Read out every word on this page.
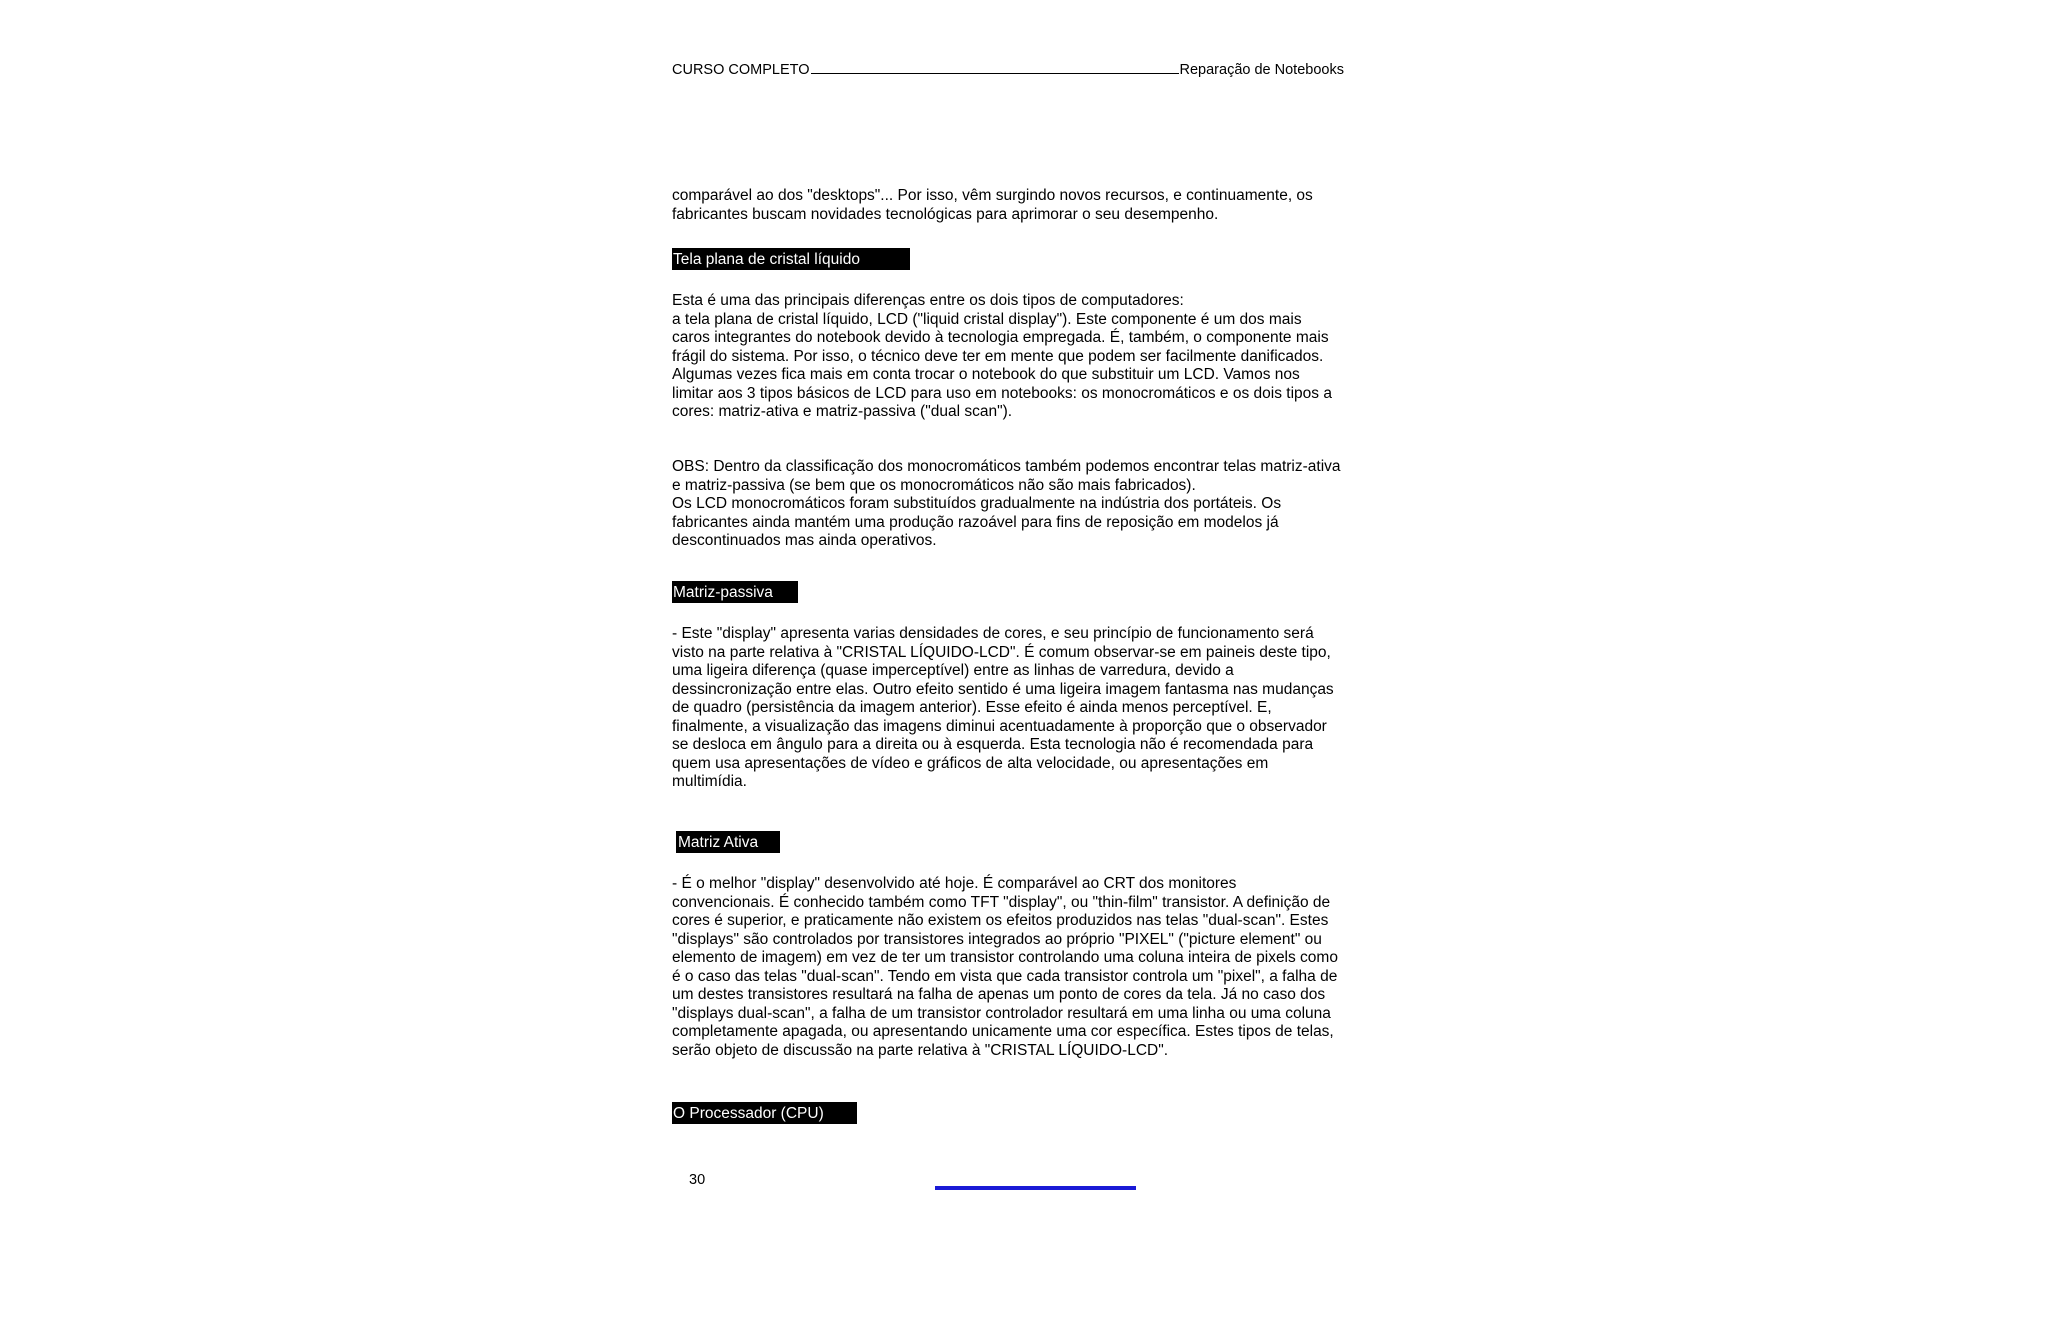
CURSO COMPLETO	Reparação de Notebooks

comparável ao dos "desktops"... Por isso, vêm surgindo novos recursos, e continuamente, os
fabricantes buscam novidades tecnológicas para aprimorar o seu desempenho.

Tela plana de cristal líquido

Esta é uma das principais diferenças entre os dois tipos de computadores:
a tela plana de cristal líquido, LCD ("liquid cristal display"). Este componente é um dos mais
caros integrantes do notebook devido à tecnologia empregada. É, também, o componente mais
frágil do sistema. Por isso, o técnico deve ter em mente que podem ser facilmente danificados.
Algumas vezes fica mais em conta trocar o notebook do que substituir um LCD. Vamos nos
limitar aos 3 tipos básicos de LCD para uso em notebooks: os monocromáticos e os dois tipos a
cores: matriz-ativa e matriz-passiva ("dual scan").

OBS: Dentro da classificação dos monocromáticos também podemos encontrar telas matriz-ativa
e matriz-passiva (se bem que os monocromáticos não são mais fabricados).
Os LCD monocromáticos foram substituídos gradualmente na indústria dos portáteis. Os
fabricantes ainda mantém uma produção razoável para fins de reposição em modelos já
descontinuados mas ainda operativos.

Matriz-passiva

- Este "display" apresenta varias densidades de cores, e seu princípio de funcionamento será
visto na parte relativa à "CRISTAL LÍQUIDO-LCD". É comum observar-se em paineis deste tipo,
uma ligeira diferença (quase imperceptível) entre as linhas de varredura, devido a
dessincronização entre elas. Outro efeito sentido é uma ligeira imagem fantasma nas mudanças
de quadro (persistência da imagem anterior). Esse efeito é ainda menos perceptível. E,
finalmente, a visualização das imagens diminui acentuadamente à proporção que o observador
se desloca em ângulo para a direita ou à esquerda. Esta tecnologia não é recomendada para
quem usa apresentações de vídeo e gráficos de alta velocidade, ou apresentações em
multimídia.

Matriz Ativa

- É o melhor "display" desenvolvido até hoje. É comparável ao CRT dos monitores
convencionais. É conhecido também como TFT "display", ou "thin-film" transistor. A definição de
cores é superior, e praticamente não existem os efeitos produzidos nas telas "dual-scan". Estes
"displays" são controlados por transistores integrados ao próprio "PIXEL" ("picture element" ou
elemento de imagem) em vez de ter um transistor controlando uma coluna inteira de pixels como
é o caso das telas "dual-scan". Tendo em vista que cada transistor controla um "pixel", a falha de
um destes transistores resultará na falha de apenas um ponto de cores da tela. Já no caso dos
"displays dual-scan", a falha de um transistor controlador resultará em uma linha ou uma coluna
completamente apagada, ou apresentando unicamente uma cor específica. Estes tipos de telas,
serão objeto de discussão na parte relativa à "CRISTAL LÍQUIDO-LCD".

O Processador (CPU)
30
